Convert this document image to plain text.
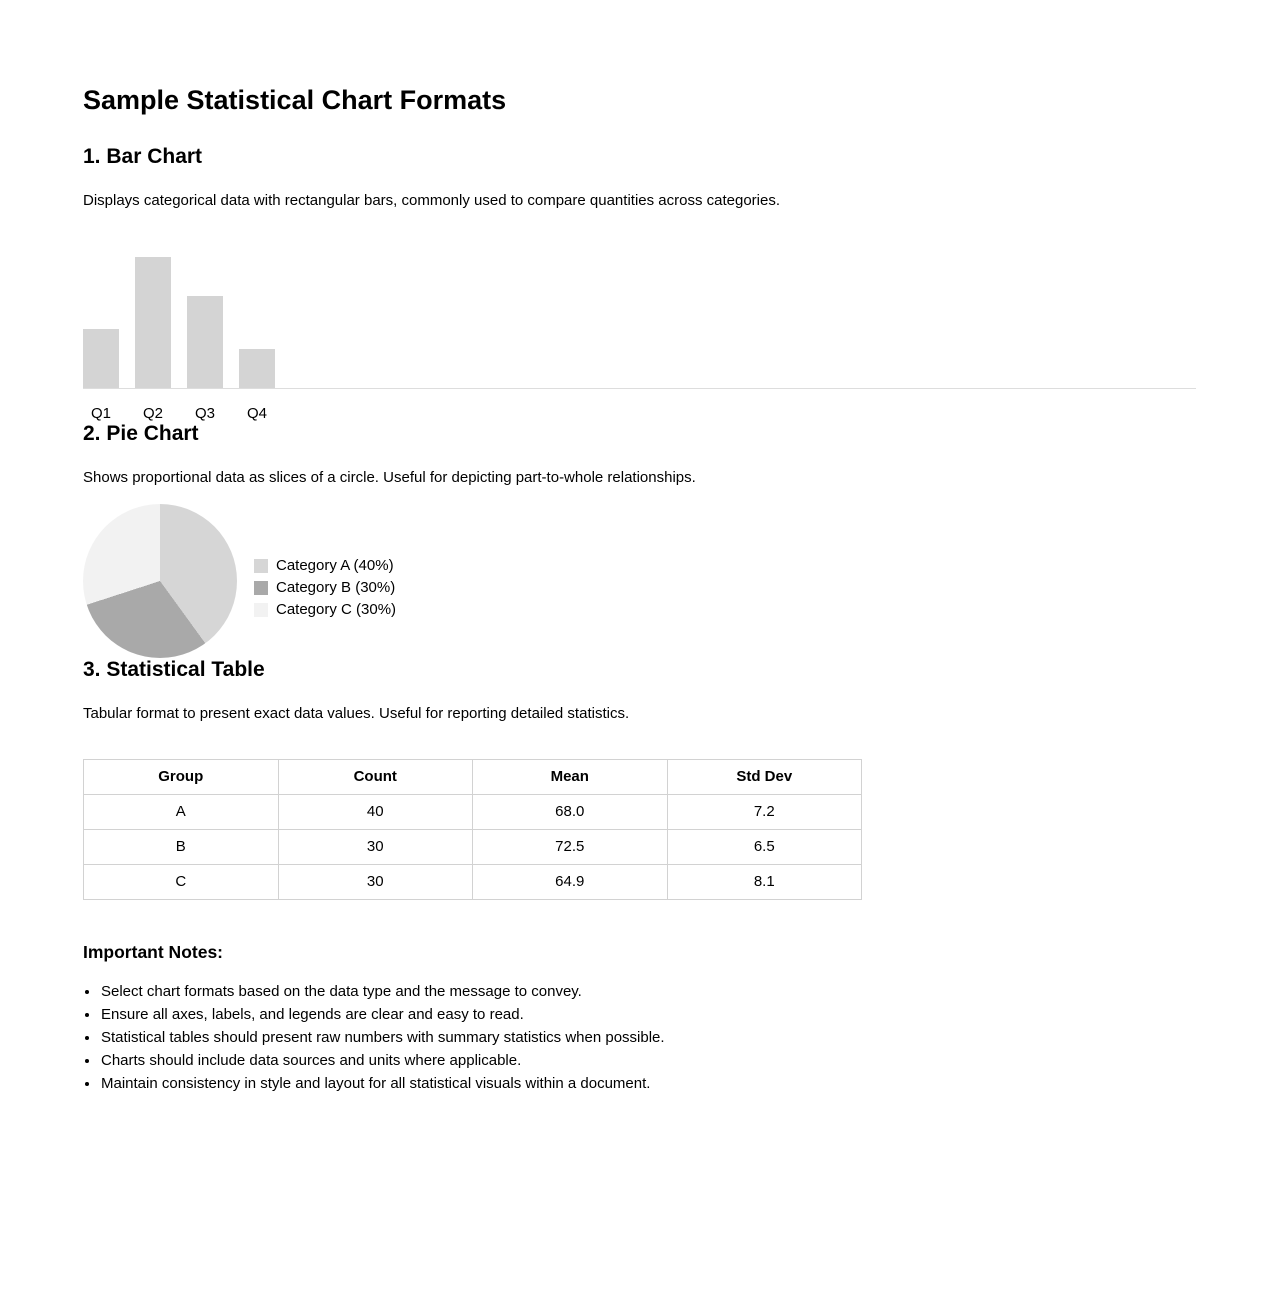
Sample Statistical Chart Formats
1. Bar Chart

Displays categorical data with rectangular bars, commonly used to compare quantities across categories.

Q1	Q2	Q3	Q4
2. Pie Chart

Shows proportional data as slices of a circle. Useful for depicting part-to-whole relationships.

Category A (40%)
Category B (30%)
Category C (30%)
3. Statistical Table

Tabular format to present exact data values. Useful for reporting detailed statistics.

Group	Count	Mean	Std Dev
A	40	68.0	7.2
B	30	72.5	6.5
C	30	64.9	8.1
Important Notes:
• Select chart formats based on the data type and the message to convey.
• Ensure all axes, labels, and legends are clear and easy to read.
• Statistical tables should present raw numbers with summary statistics when possible.
• Charts should include data sources and units where applicable.
• Maintain consistency in style and layout for all statistical visuals within a document.
